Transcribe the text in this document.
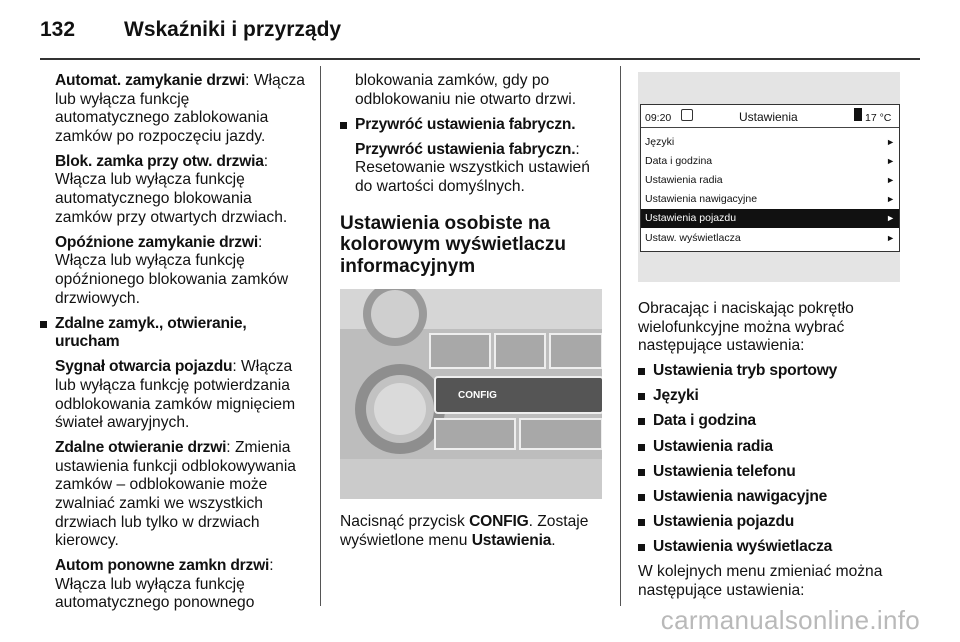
132 Wskaźniki i przyrządy

Automat. zamykanie drzwi: Włącza lub wyłącza funkcję automatycznego zablokowania zamków po rozpoczęciu jazdy.

Blok. zamka przy otw. drzwia: Włącza lub wyłącza funkcję automatycznego blokowania zamków przy otwartych drzwiach.

Opóźnione zamykanie drzwi: Włącza lub wyłącza funkcję opóźnionego blokowania zamków drzwiowych.

Zdalne zamyk., otwieranie, urucham

Sygnał otwarcia pojazdu: Włącza lub wyłącza funkcję potwierdzania odblokowania zamków mignięciem świateł awaryjnych.

Zdalne otwieranie drzwi: Zmienia ustawienia funkcji odblokowywania zamków – odblokowanie może zwalniać zamki we wszystkich drzwiach lub tylko w drzwiach kierowcy.

Autom ponowne zamkn drzwi: Włącza lub wyłącza funkcję automatycznego ponownego

blokowania zamków, gdy po odblokowaniu nie otwarto drzwi.

Przywróć ustawienia fabryczn.

Przywróć ustawienia fabryczn.: Resetowanie wszystkich ustawień do wartości domyślnych.

Ustawienia osobiste na kolorowym wyświetlaczu informacyjnym
CONFIG

Nacisnąć przycisk CONFIG. Zostaje wyświetlone menu Ustawienia.

09:20	Ustawienia	17 °C
Języki	►
Data i godzina	►
Ustawienia radia	►
Ustawienia nawigacyjne	►
Ustawienia pojazdu	►
Ustaw. wyświetlacza	►

Obracając i naciskając pokrętło wielofunkcyjne można wybrać następujące ustawienia:

Ustawienia tryb sportowy
Języki
Data i godzina
Ustawienia radia
Ustawienia telefonu
Ustawienia nawigacyjne
Ustawienia pojazdu
Ustawienia wyświetlacza

W kolejnych menu zmieniać można następujące ustawienia:

carmanualsonline.info
